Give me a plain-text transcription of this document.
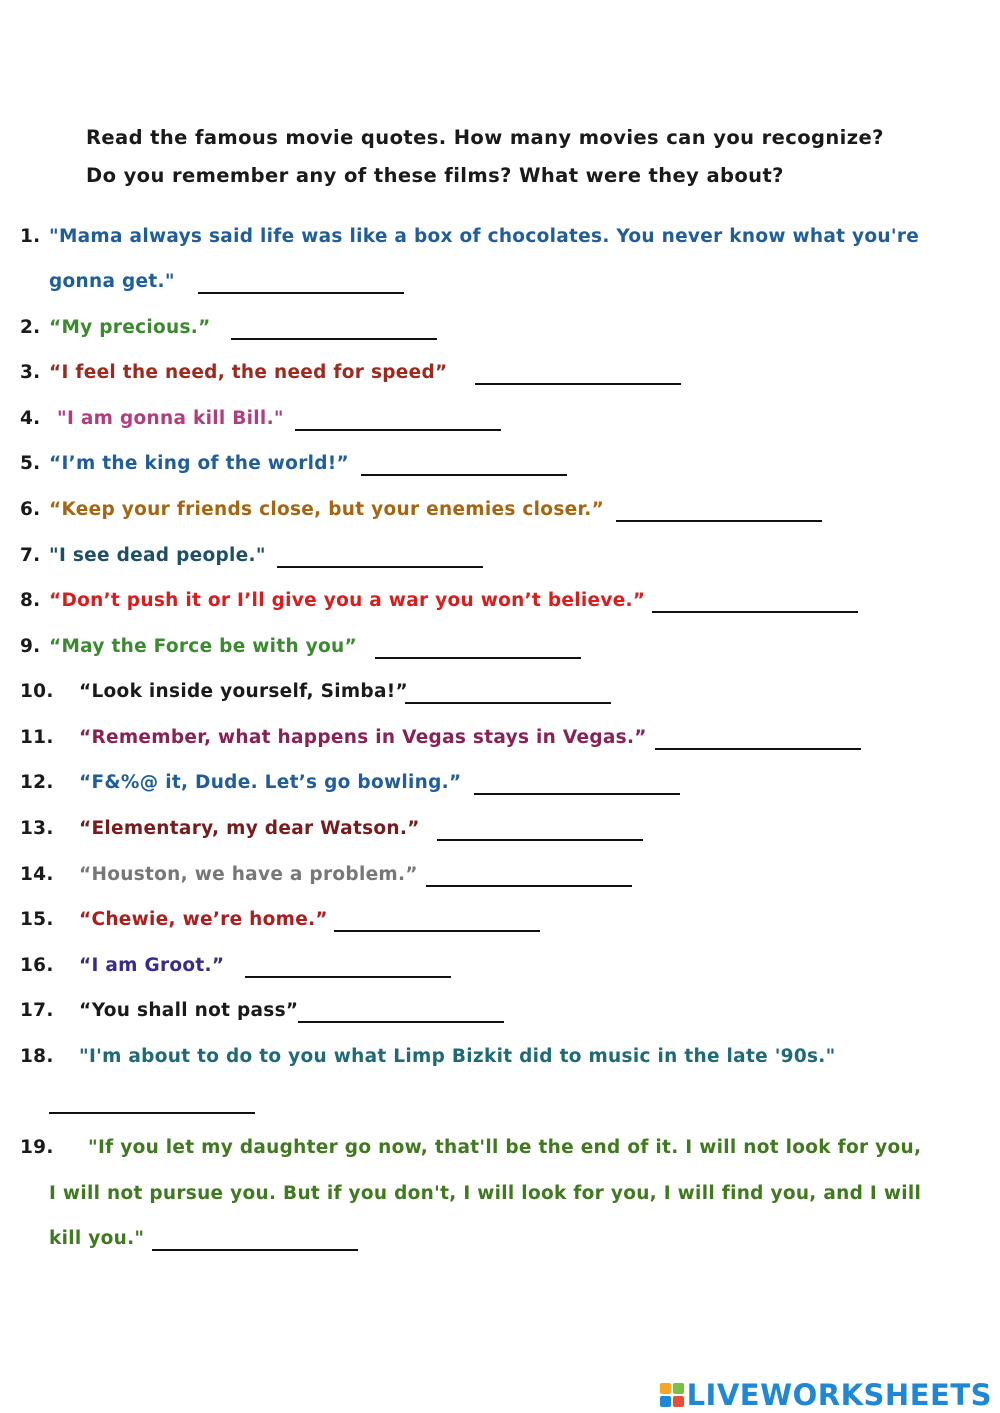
Read the famous movie quotes. How many movies can you recognize?
Do you remember any of these films? What were they about?
1. "Mama always said life was like a box of chocolates. You never know what you're
gonna get."
2. “My precious.”
3. “I feel the need, the need for speed”
4. "I am gonna kill Bill."
5. “I’m the king of the world!”
6. “Keep your friends close, but your enemies closer.”
7. "I see dead people."
8. “Don’t push it or I’ll give you a war you won’t believe.”
9. “May the Force be with you”
10. “Look inside yourself, Simba!”
11. “Remember, what happens in Vegas stays in Vegas.”
12. “F&%@ it, Dude. Let’s go bowling.”
13. “Elementary, my dear Watson.”
14. “Houston, we have a problem.”
15. “Chewie, we’re home.”
16. “I am Groot.”
17. “You shall not pass”
18. "I'm about to do to you what Limp Bizkit did to music in the late '90s."
19. "If you let my daughter go now, that'll be the end of it. I will not look for you,
I will not pursue you. But if you don't, I will look for you, I will find you, and I will
kill you."
LIVEWORKSHEETS
